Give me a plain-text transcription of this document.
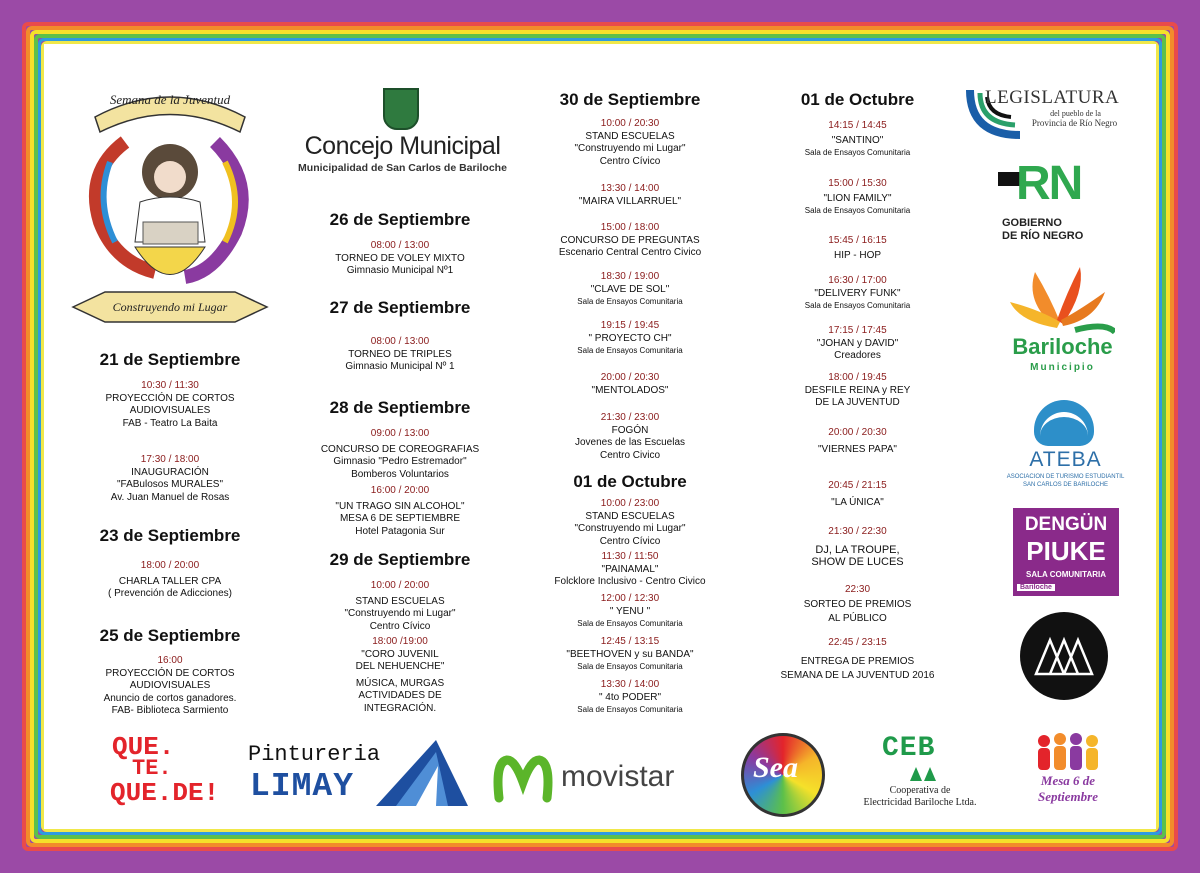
Semana de la Juventud
Construyendo mi Lugar
Concejo Municipal
Municipalidad de San Carlos de Bariloche
21 de Septiembre
10:30 / 11:30
PROYECCIÓN DE CORTOS
AUDIOVISUALES
FAB - Teatro La Baita
17:30 / 18:00
INAUGURACIÓN
"FABulosos MURALES"
Av. Juan Manuel de Rosas
23 de Septiembre
18:00 / 20:00
CHARLA TALLER CPA
( Prevención de Adicciones)
25 de Septiembre
16:00
PROYECCIÓN DE CORTOS
AUDIOVISUALES
Anuncio de cortos ganadores.
FAB- Biblioteca Sarmiento
26 de Septiembre
08:00 / 13:00
TORNEO DE VOLEY MIXTO
Gimnasio Municipal Nº1
27 de Septiembre
08:00 / 13:00
TORNEO DE TRIPLES
Gimnasio Municipal Nº 1
28 de Septiembre
09:00 / 13:00
CONCURSO DE COREOGRAFIAS
Gimnasio "Pedro Estremador"
Bomberos Voluntarios
16:00 / 20:00
"UN TRAGO SIN ALCOHOL"
MESA 6 DE SEPTIEMBRE
Hotel Patagonia Sur
29 de Septiembre
10:00 / 20:00
STAND ESCUELAS
"Construyendo mi Lugar"
Centro Cívico
18:00 /19:00
"CORO JUVENIL
DEL NEHUENCHE"
MÚSICA, MURGAS
ACTIVIDADES DE
INTEGRACIÓN.
30 de Septiembre
10:00 / 20:30
STAND ESCUELAS
"Construyendo mi Lugar"
Centro Cívico
13:30 / 14:00
"MAIRA VILLARRUEL"
15:00 / 18:00
CONCURSO DE PREGUNTAS
Escenario Central Centro Civico
18:30 / 19:00
"CLAVE DE SOL"
Sala de Ensayos Comunitaria
19:15 / 19:45
" PROYECTO CH"
Sala de Ensayos Comunitaria
20:00 / 20:30
"MENTOLADOS"
21:30 / 23:00
FOGÓN
Jovenes de las Escuelas
Centro Civico
01 de Octubre
10:00 / 23:00
STAND ESCUELAS
"Construyendo mi Lugar"
Centro Cívico
11:30 / 11:50
"PAINAMAL"
Folcklore Inclusivo - Centro Civico
12:00 / 12:30
" YENU "
Sala de Ensayos Comunitaria
12:45 / 13:15
"BEETHOVEN y su BANDA"
Sala de Ensayos Comunitaria
13:30 / 14:00
" 4to PODER"
Sala de Ensayos Comunitaria
01 de Octubre
14:15 / 14:45
"SANTINO"
Sala de Ensayos Comunitaria
15:00 / 15:30
"LION FAMILY"
Sala de Ensayos Comunitaria
15:45 / 16:15
HIP - HOP
16:30 / 17:00
"DELIVERY FUNK"
Sala de Ensayos Comunitaria
17:15 / 17:45
"JOHAN y DAVID"
Creadores
18:00 / 19:45
DESFILE REINA y REY
DE LA JUVENTUD
20:00 / 20:30
"VIERNES PAPA"
20:45 / 21:15
"LA ÚNICA"
21:30 / 22:30
DJ, LA TROUPE,
SHOW DE LUCES
22:30
SORTEO DE PREMIOS
AL PÚBLICO
22:45 / 23:15
ENTREGA DE PREMIOS
SEMANA DE LA JUVENTUD 2016
LEGISLATURA
del pueblo de la
Provincia de Río Negro
RN
GOBIERNO
DE RÍO NEGRO
Bariloche
Municipio
ATEBA
ASOCIACION DE TURISMO ESTUDIANTIL
SAN CARLOS DE BARILOCHE
DENGÜN
PIUKE
SALA COMUNITARIA
Bariloche
QUE.
TE.
QUE.DE!
Pintureria
LIMAY	movistar	Sea
CEB
Cooperativa de
Electricidad Bariloche Ltda.
Mesa 6 de
Septiembre
